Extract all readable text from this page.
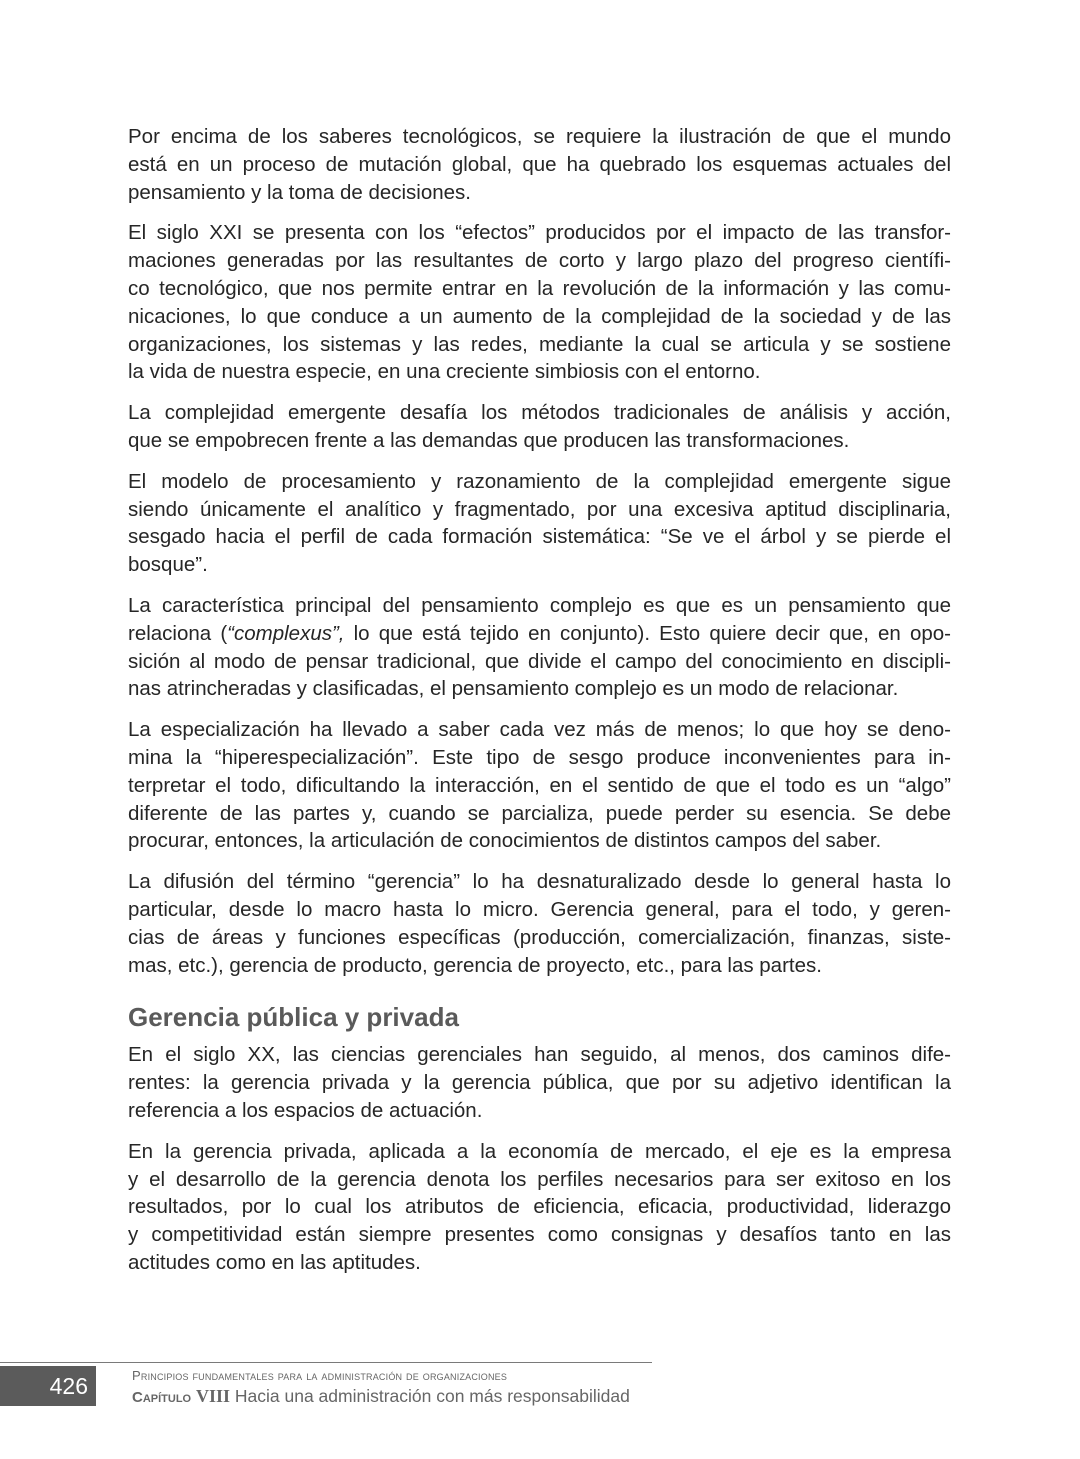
Por encima de los saberes tecnológicos, se requiere la ilustración de que el mundo
está en un proceso de mutación global, que ha quebrado los esquemas actuales del
pensamiento y la toma de decisiones.

El siglo XXI se presenta con los “efectos” producidos por el impacto de las transfor-
maciones generadas por las resultantes de corto y largo plazo del progreso científi-
co tecnológico, que nos permite entrar en la revolución de la información y las comu-
nicaciones, lo que conduce a un aumento de la complejidad de la sociedad y de las
organizaciones, los sistemas y las redes, mediante la cual se articula y se sostiene
la vida de nuestra especie, en una creciente simbiosis con el entorno.

La complejidad emergente desafía los métodos tradicionales de análisis y acción,
que se empobrecen frente a las demandas que producen las transformaciones.

El modelo de procesamiento y razonamiento de la complejidad emergente sigue
siendo únicamente el analítico y fragmentado, por una excesiva aptitud disciplinaria,
sesgado hacia el perfil de cada formación sistemática: “Se ve el árbol y se pierde el
bosque”.

La característica principal del pensamiento complejo es que es un pensamiento que
relaciona (“complexus”, lo que está tejido en conjunto). Esto quiere decir que, en opo-
sición al modo de pensar tradicional, que divide el campo del conocimiento en discipli-
nas atrincheradas y clasificadas, el pensamiento complejo es un modo de relacionar.

La especialización ha llevado a saber cada vez más de menos; lo que hoy se deno-
mina la “hiperespecialización”. Este tipo de sesgo produce inconvenientes para in-
terpretar el todo, dificultando la interacción, en el sentido de que el todo es un “algo”
diferente de las partes y, cuando se parcializa, puede perder su esencia. Se debe
procurar, entonces, la articulación de conocimientos de distintos campos del saber.

La difusión del término “gerencia” lo ha desnaturalizado desde lo general hasta lo
particular, desde lo macro hasta lo micro. Gerencia general, para el todo, y geren-
cias de áreas y funciones específicas (producción, comercialización, finanzas, siste-
mas, etc.), gerencia de producto, gerencia de proyecto, etc., para las partes.

Gerencia pública y privada

En el siglo XX, las ciencias gerenciales han seguido, al menos, dos caminos dife-
rentes: la gerencia privada y la gerencia pública, que por su adjetivo identifican la
referencia a los espacios de actuación.

En la gerencia privada, aplicada a la economía de mercado, el eje es la empresa
y el desarrollo de la gerencia denota los perfiles necesarios para ser exitoso en los
resultados, por lo cual los atributos de eficiencia, eficacia, productividad, liderazgo
y competitividad están siempre presentes como consignas y desafíos tanto en las
actitudes como en las aptitudes.

426	Principios fundamentales para la administración de organizaciones
Capítulo VIII Hacia una administración con más responsabilidad
